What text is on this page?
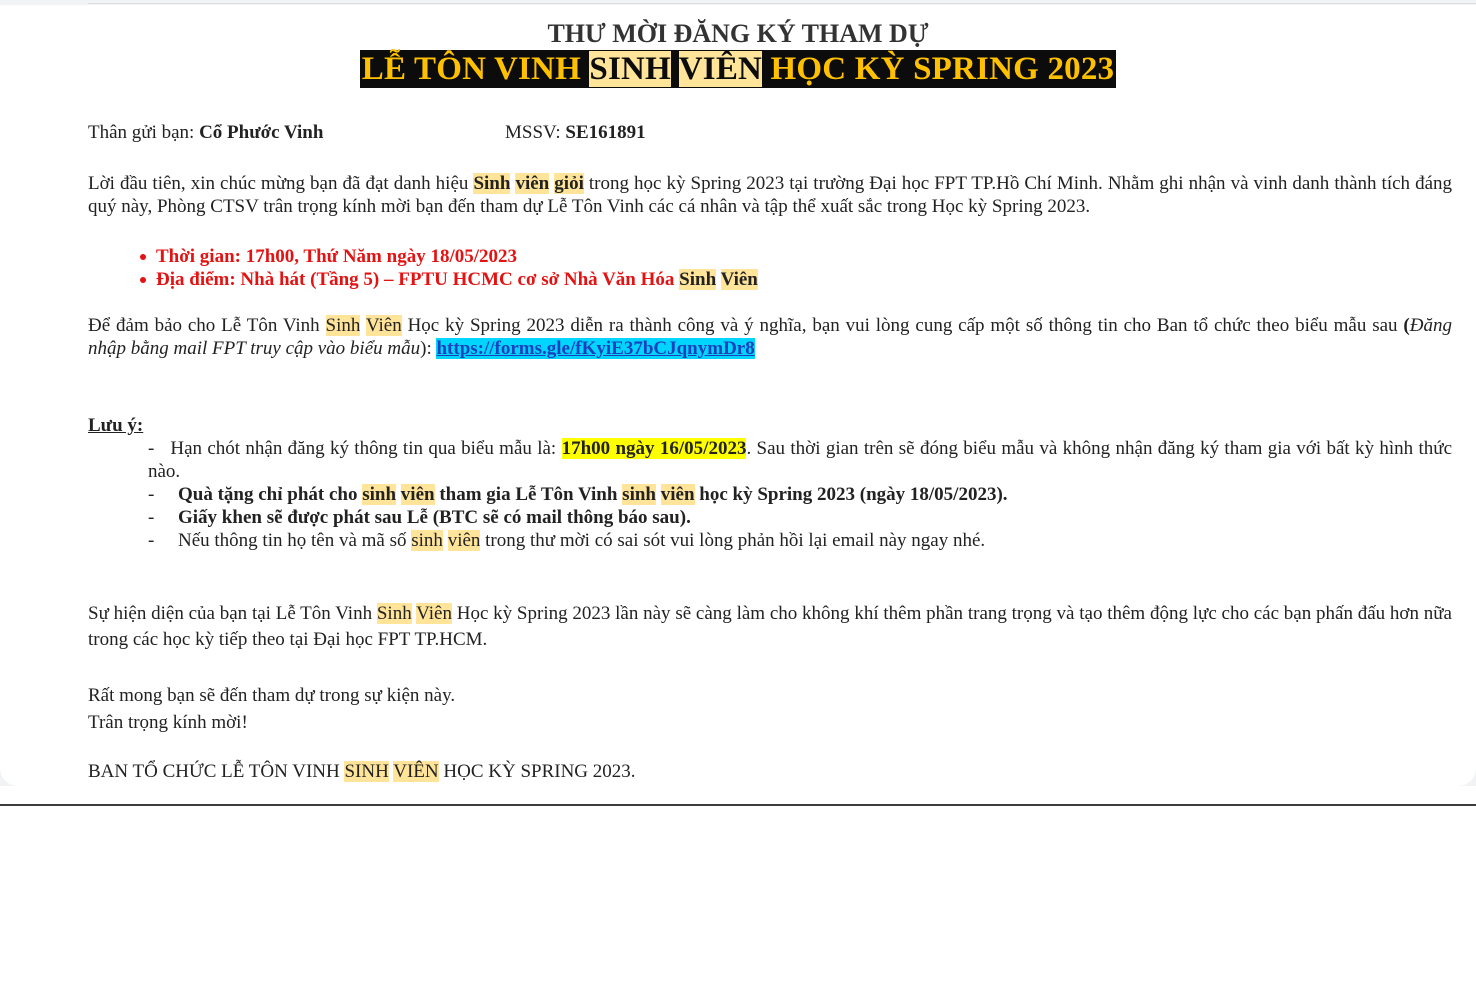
THƯ MỜI ĐĂNG KÝ THAM DỰ
LỄ TÔN VINH SINH VIÊN HỌC KỲ SPRING 2023
Thân gửi bạn: Cổ Phước Vinh	MSSV: SE161891
Lời đầu tiên, xin chúc mừng bạn đã đạt danh hiệu Sinh viên giỏi trong học kỳ Spring 2023 tại trường Đại học FPT TP.Hồ Chí Minh. Nhằm ghi nhận và vinh danh thành tích đáng quý này, Phòng CTSV trân trọng kính mời bạn đến tham dự Lễ Tôn Vinh các cá nhân và tập thể xuất sắc trong Học kỳ Spring 2023.
Thời gian: 17h00, Thứ Năm ngày 18/05/2023
Địa điểm: Nhà hát (Tầng 5) – FPTU HCMC cơ sở Nhà Văn Hóa Sinh Viên
Để đảm bảo cho Lễ Tôn Vinh Sinh Viên Học kỳ Spring 2023 diễn ra thành công và ý nghĩa, bạn vui lòng cung cấp một số thông tin cho Ban tổ chức theo biểu mẫu sau (Đăng nhập bằng mail FPT truy cập vào biểu mẫu): https://forms.gle/fKyiE37bCJqnymDr8
Lưu ý:
-   Hạn chót nhận đăng ký thông tin qua biểu mẫu là: 17h00 ngày 16/05/2023. Sau thời gian trên sẽ đóng biểu mẫu và không nhận đăng ký tham gia với bất kỳ hình thức nào.
- Quà tặng chỉ phát cho sinh viên tham gia Lễ Tôn Vinh sinh viên học kỳ Spring 2023 (ngày 18/05/2023).
- Giấy khen sẽ được phát sau Lễ (BTC sẽ có mail thông báo sau).
- Nếu thông tin họ tên và mã số sinh viên trong thư mời có sai sót vui lòng phản hồi lại email này ngay nhé.
Sự hiện diện của bạn tại Lễ Tôn Vinh Sinh Viên Học kỳ Spring 2023 lần này sẽ càng làm cho không khí thêm phần trang trọng và tạo thêm động lực cho các bạn phấn đấu hơn nữa trong các học kỳ tiếp theo tại Đại học FPT TP.HCM.
Rất mong bạn sẽ đến tham dự trong sự kiện này.
Trân trọng kính mời!
BAN TỔ CHỨC LỄ TÔN VINH SINH VIÊN HỌC KỲ SPRING 2023.
